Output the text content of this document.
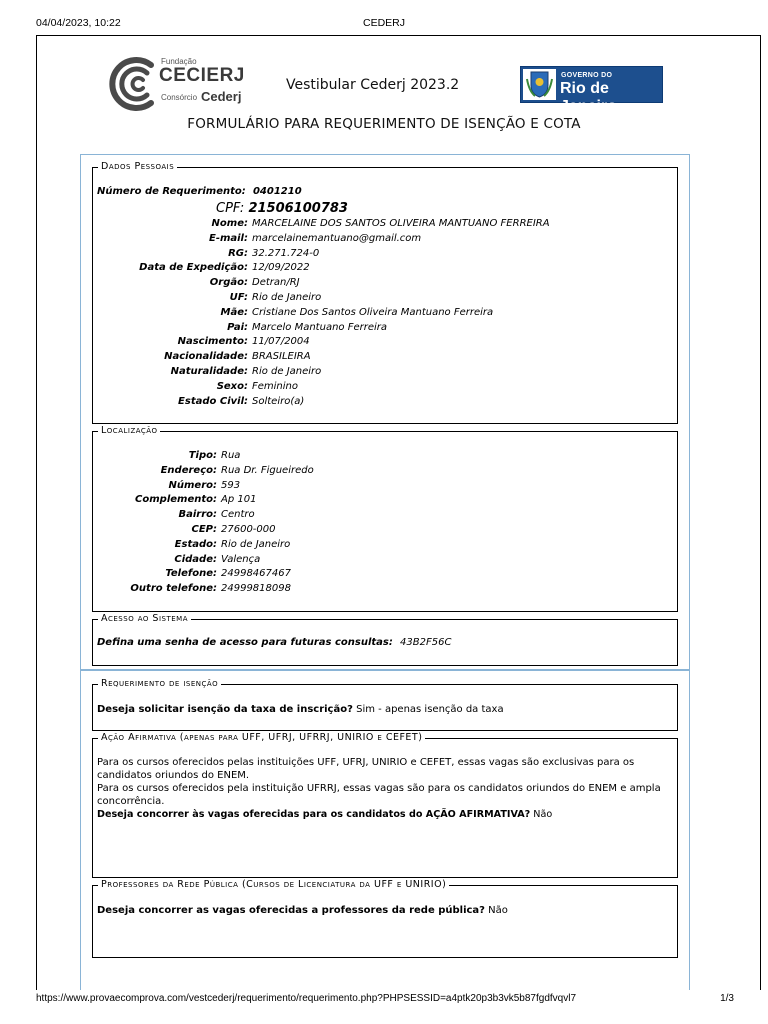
04/04/2023, 10:22	CEDERJ
Fundação
CECIERJ
Consórcio Cederj
Vestibular Cederj 2023.2
GOVERNO DO
Rio de Janeiro
FORMULÁRIO PARA REQUERIMENTO DE ISENÇÃO E COTA
Dados Pessoais
Número de Requerimento: 0401210
CPF: 21506100783
Nome: MARCELAINE DOS SANTOS OLIVEIRA MANTUANO FERREIRA
E-mail: marcelainemantuano@gmail.com
RG: 32.271.724-0
Data de Expedição: 12/09/2022
Orgão: Detran/RJ
UF: Rio de Janeiro
Mãe: Cristiane Dos Santos Oliveira Mantuano Ferreira
Pai: Marcelo Mantuano Ferreira
Nascimento: 11/07/2004
Nacionalidade: BRASILEIRA
Naturalidade: Rio de Janeiro
Sexo: Feminino
Estado Civil: Solteiro(a)
Localização
Tipo: Rua
Endereço: Rua Dr. Figueiredo
Número: 593
Complemento: Ap 101
Bairro: Centro
CEP: 27600-000
Estado: Rio de Janeiro
Cidade: Valença
Telefone: 24998467467
Outro telefone: 24999818098
Acesso ao Sistema
Defina uma senha de acesso para futuras consultas: 43B2F56C
Requerimento de isenção
Deseja solicitar isenção da taxa de inscrição? Sim - apenas isenção da taxa
Ação Afirmativa (apenas para UFF, UFRJ, UFRRJ, UNIRIO e CEFET)
Para os cursos oferecidos pelas instituições UFF, UFRJ, UNIRIO e CEFET, essas vagas são exclusivas para os candidatos oriundos do ENEM.
Para os cursos oferecidos pela instituição UFRRJ, essas vagas são para os candidatos oriundos do ENEM e ampla concorrência.
Deseja concorrer às vagas oferecidas para os candidatos do AÇÃO AFIRMATIVA? Não
Professores da Rede Pública (Cursos de Licenciatura da UFF e UNIRIO)
Deseja concorrer as vagas oferecidas a professores da rede pública? Não
https://www.provaecomprova.com/vestcederj/requerimento/requerimento.php?PHPSESSID=a4ptk20p3b3vk5b87fgdfvqvl7	1/3
